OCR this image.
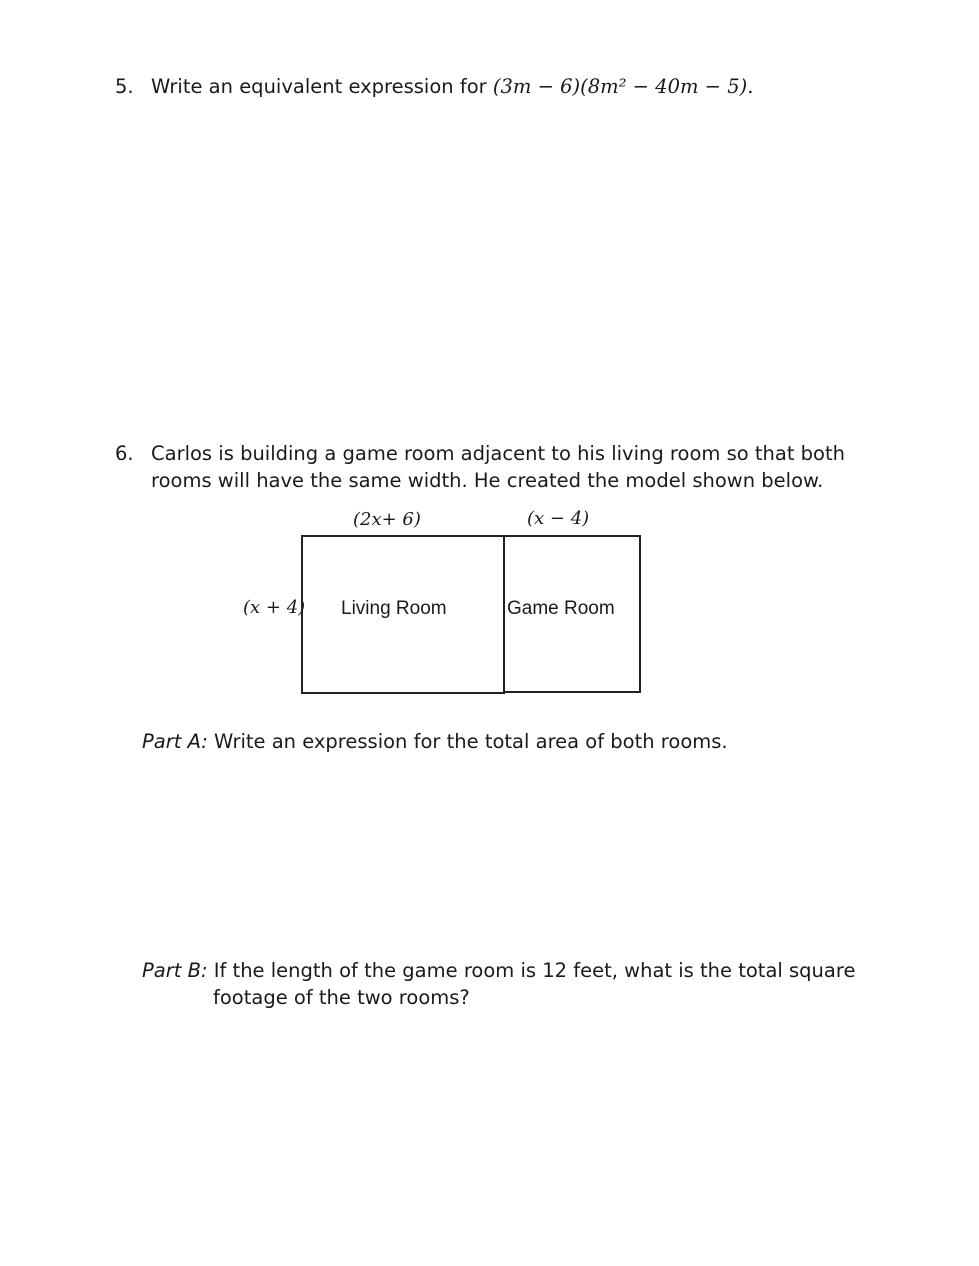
5. Write an equivalent expression for (3m − 6)(8m² − 40m − 5).
6. Carlos is building a game room adjacent to his living room so that both
rooms will have the same width. He created the model shown below.
(2x+ 6)	(x − 4)
(x + 4) Living Room	Game Room
Part A: Write an expression for the total area of both rooms.
Part B: If the length of the game room is 12 feet, what is the total square
footage of the two rooms?
